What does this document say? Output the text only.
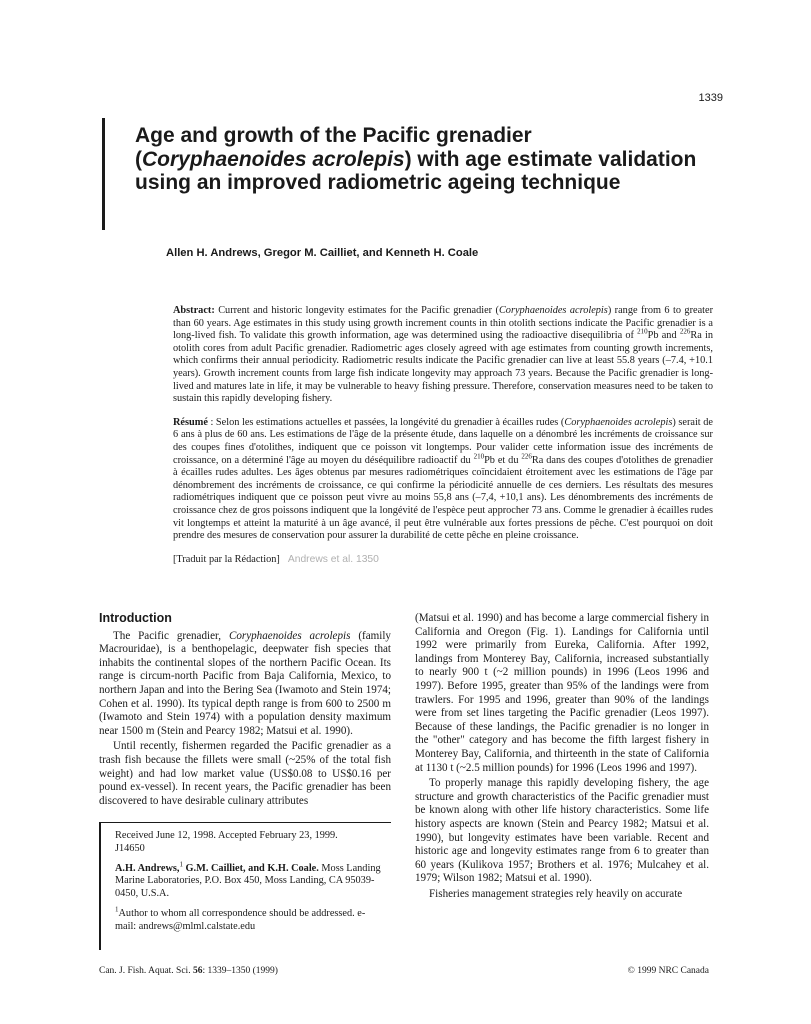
1339
Age and growth of the Pacific grenadier (Coryphaenoides acrolepis) with age estimate validation using an improved radiometric ageing technique
Allen H. Andrews, Gregor M. Cailliet, and Kenneth H. Coale

Abstract: Current and historic longevity estimates for the Pacific grenadier (Coryphaenoides acrolepis) range from 6 to greater than 60 years. Age estimates in this study using growth increment counts in thin otolith sections indicate the Pacific grenadier is a long-lived fish. To validate this growth information, age was determined using the radioactive disequilibria of $^{210}$Pb and $^{226}$Ra in otolith cores from adult Pacific grenadier. Radiometric ages closely agreed with age estimates from counting growth increments, which confirms their annual periodicity. Radiometric results indicate the Pacific grenadier can live at least 55.8 years (–7.4, +10.1 years). Growth increment counts from large fish indicate longevity may approach 73 years. Because the Pacific grenadier is long-lived and matures late in life, it may be vulnerable to heavy fishing pressure. Therefore, conservation measures need to be taken to sustain this rapidly developing fishery.

Résumé : Selon les estimations actuelles et passées, la longévité du grenadier à écailles rudes (Coryphaenoides acrolepis) serait de 6 ans à plus de 60 ans. Les estimations de l'âge de la présente étude, dans laquelle on a dénombré les incréments de croissance sur des coupes fines d'otolithes, indiquent que ce poisson vit longtemps. Pour valider cette information issue des incréments de croissance, on a déterminé l'âge au moyen du déséquilibre radioactif du $^{210}$Pb et du $^{226}$Ra dans des coupes d'otolithes de grenadier à écailles rudes adultes. Les âges obtenus par mesures radiométriques coïncidaient étroitement avec les estimations de l'âge par dénombrement des incréments de croissance, ce qui confirme la périodicité annuelle de ces derniers. Les résultats des mesures radiométriques indiquent que ce poisson peut vivre au moins 55,8 ans (–7,4, +10,1 ans). Les dénombrements des incréments de croissance chez de gros poissons indiquent que la longévité de l'espèce peut approcher 73 ans. Comme le grenadier à écailles rudes vit longtemps et atteint la maturité à un âge avancé, il peut être vulnérable aux fortes pressions de pêche. C'est pourquoi on doit prendre des mesures de conservation pour assurer la durabilité de cette pêche en pleine croissance.

[Traduit par la Rédaction] Andrews et al. 1350

Introduction

The Pacific grenadier, Coryphaenoides acrolepis (family Macrouridae), is a benthopelagic, deepwater fish species that inhabits the continental slopes of the northern Pacific Ocean. Its range is circum-north Pacific from Baja California, Mexico, to northern Japan and into the Bering Sea (Iwamoto and Stein 1974; Cohen et al. 1990). Its typical depth range is from 600 to 2500 m (Iwamoto and Stein 1974) with a population density maximum near 1500 m (Stein and Pearcy 1982; Matsui et al. 1990).

Until recently, fishermen regarded the Pacific grenadier as a trash fish because the fillets were small (~25% of the total fish weight) and had low market value (US$0.08 to US$0.16 per pound ex-vessel). In recent years, the Pacific grenadier has been discovered to have desirable culinary attributes

Received June 12, 1998. Accepted February 23, 1999.
J14650

A.H. Andrews,$^1$ G.M. Cailliet, and K.H. Coale. Moss Landing Marine Laboratories, P.O. Box 450, Moss Landing, CA 95039-0450, U.S.A.

$^1$Author to whom all correspondence should be addressed. e-mail: andrews@mlml.calstate.edu

(Matsui et al. 1990) and has become a large commercial fishery in California and Oregon (Fig. 1). Landings for California until 1992 were primarily from Eureka, California. After 1992, landings from Monterey Bay, California, increased substantially to nearly 900 t (~2 million pounds) in 1996 (Leos 1996 and 1997). Before 1995, greater than 95% of the landings were from trawlers. For 1995 and 1996, greater than 90% of the landings were from set lines targeting the Pacific grenadier (Leos 1997). Because of these landings, the Pacific grenadier is no longer in the "other" category and has become the fifth largest fishery in Monterey Bay, California, and thirteenth in the state of California at 1130 t (~2.5 million pounds) for 1996 (Leos 1996 and 1997).

To properly manage this rapidly developing fishery, the age structure and growth characteristics of the Pacific grenadier must be known along with other life history characteristics. Some life history aspects are known (Stein and Pearcy 1982; Matsui et al. 1990), but longevity estimates have been variable. Recent and historic age and longevity estimates range from 6 to greater than 60 years (Kulikova 1957; Brothers et al. 1976; Mulcahey et al. 1979; Wilson 1982; Matsui et al. 1990).

Fisheries management strategies rely heavily on accurate

Can. J. Fish. Aquat. Sci. 56: 1339–1350 (1999)	© 1999 NRC Canada
